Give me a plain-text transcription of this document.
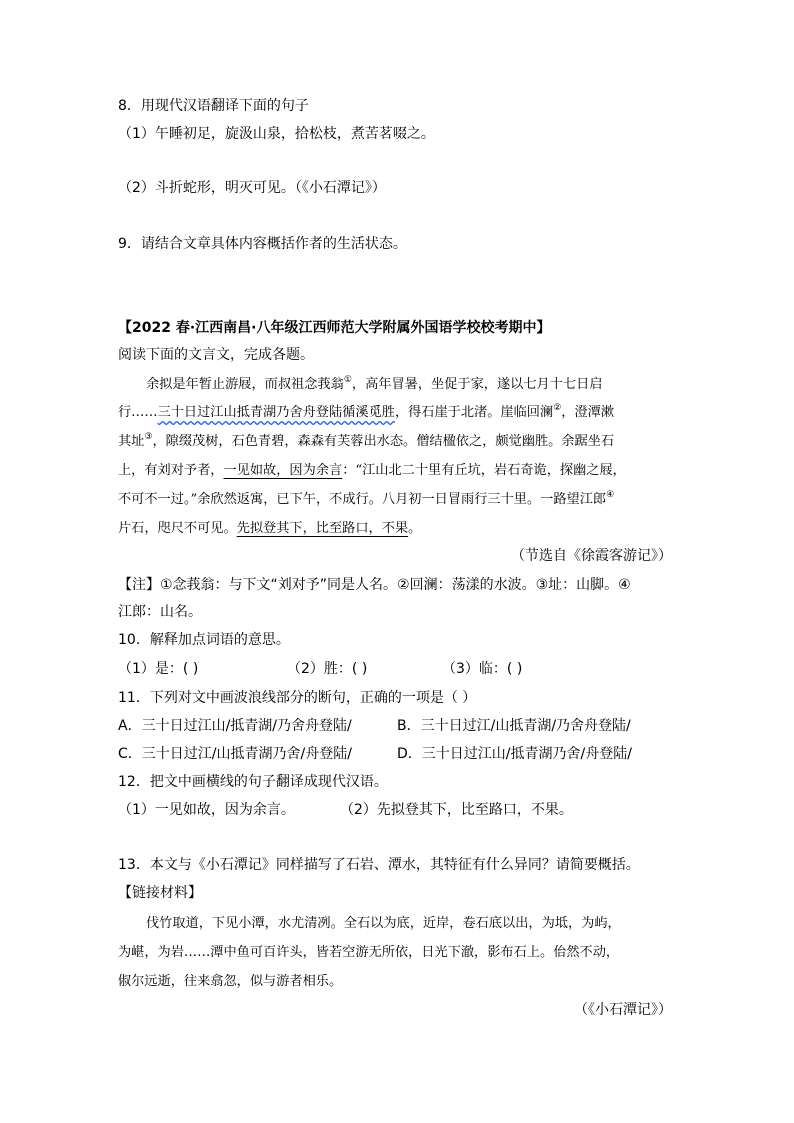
8．用现代汉语翻译下面的句子
（1）午睡初足，旋汲山泉，拾松枝，煮苦茗啜之。
（2）斗折蛇形，明灭可见。（《小石潭记》）
9．请结合文章具体内容概括作者的生活状态。
【2022 春·江西南昌·八年级江西师范大学附属外国语学校校考期中】
阅读下面的文言文，完成各题。
余拟是年暂止游屐，而叔祖念莪翁①，高年冒暑，坐促于家，遂以七月十七日启
行……三十日过江山抵青湖乃舍舟登陆循溪觅胜，得石崖于北渚。崖临回澜②，澄潭漱
其址③，隙缀茂树，石色青碧，森森有芙蓉出水态。僧结楹依之，颇觉幽胜。余踞坐石
上，有刘对予者，一见如故，因为余言：“江山北二十里有丘坑，岩石奇诡，探幽之屐，
不可不一过。”余欣然返寓，已下午，不成行。八月初一日冒雨行三十里。一路望江郎④
片石，咫尺不可见。先拟登其下，比至路口，不果。
（节选自《徐霞客游记》）
【注】①念莪翁：与下文“刘对予”同是人名。②回澜：荡漾的水波。③址：山脚。④
江郎：山名。
10．解释加点词语的意思。
（1）是：( )	（2）胜：( )	（3）临：( )
11．下列对文中画波浪线部分的断句，正确的一项是（ ）
A．三十日过江山/抵青湖/乃舍舟登陆/	B．三十日过江/山抵青湖/乃舍舟登陆/
C．三十日过江/山抵青湖乃舍/舟登陆/	D．三十日过江山/抵青湖乃舍/舟登陆/
12．把文中画横线的句子翻译成现代汉语。
（1）一见如故，因为余言。	（2）先拟登其下，比至路口，不果。
13．本文与《小石潭记》同样描写了石岩、潭水，其特征有什么异同？请简要概括。
【链接材料】
伐竹取道，下见小潭，水尤清冽。全石以为底，近岸，卷石底以出，为坻，为屿，
为嵁，为岩……潭中鱼可百许头，皆若空游无所依，日光下澈，影布石上。佁然不动，
俶尔远逝，往来翕忽，似与游者相乐。
（《小石潭记》）
